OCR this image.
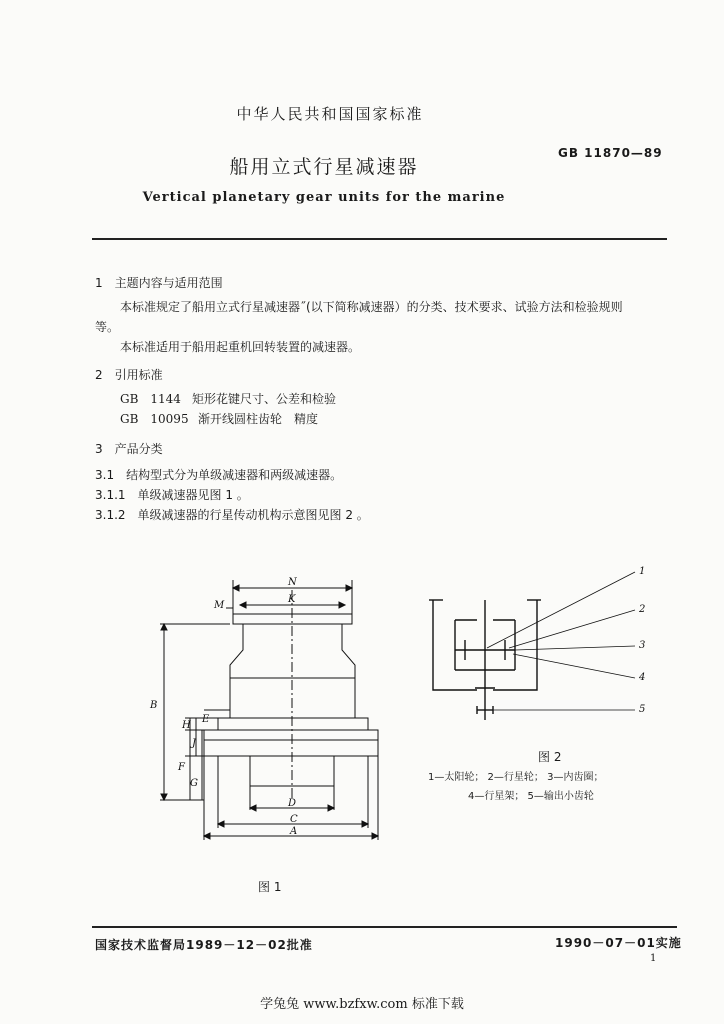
中华人民共和国国家标准
GB 11870—89
船用立式行星减速器
Vertical planetary gear units for the marine
1　主题内容与适用范围
本标准规定了船用立式行星减速器˝(以下简称减速器）的分类、技术要求、试验方法和检验规则
等。
本标准适用于船用起重机回转装置的减速器。
2　引用标准
GB　1144 矩形花键尺寸、公差和检验
GB　10095 渐开线圆柱齿轮　精度
3　产品分类
3.1　结构型式分为单级减速器和两级减速器。
3.1.1　单级减速器见图 1 。
3.1.2　单级减速器的行星传动机构示意图见图 2 。
N
K
M
B
E
H
J
F
G
D
C
A
图 1
1
2
3
4
5
图 2
1—太阳轮； 2—行星轮； 3—内齿圈；
4—行星架； 5—输出小齿轮
国家技术监督局1989－12－02批准	1990－07－01实施
1
学兔兔 www.bzfxw.com 标准下载
